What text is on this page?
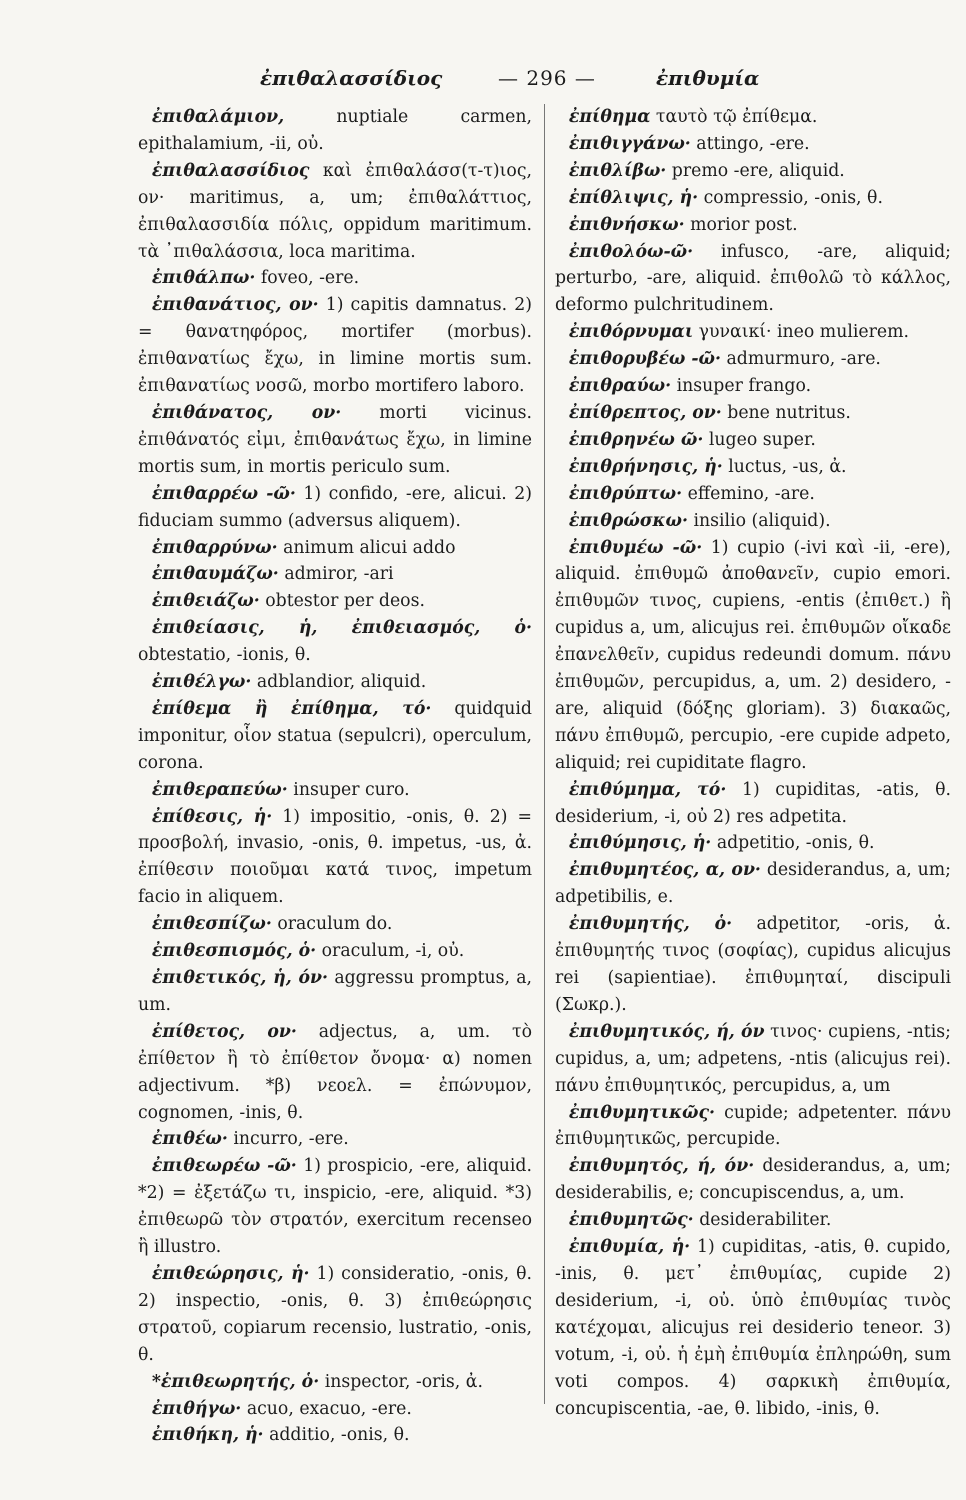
ἐπιθαλασσίδιος	— 296 —	ἐπιθυμία

ἐπιθαλάμιον, nuptiale carmen, epithalamium, -ii, οὐ.

ἐπιθαλασσίδιος καὶ ἐπιθαλάσσ(τ-τ)ιος, ον· maritimus, a, um; ἐπιθαλάττιος, ἐπιθαλασσιδία πόλις, oppidum maritimum. τὰ ᾽πιθαλάσσια, loca maritima.

ἐπιθάλπω· foveo, -ere.

ἐπιθανάτιος, ον· 1) capitis damnatus. 2) = θανατηφόρος, mortifer (morbus). ἐπιθανατίως ἔχω, in limine mortis sum. ἐπιθανατίως νοσῶ, morbo mortifero laboro.

ἐπιθάνατος, ον· morti vicinus. ἐπιθάνατός εἰμι, ἐπιθανάτως ἔχω, in limine mortis sum, in mortis periculo sum.

ἐπιθαρρέω -ῶ· 1) confido, -ere, alicui. 2) fiduciam summo (adversus aliquem).

ἐπιθαρρύνω· animum alicui addo

ἐπιθαυμάζω· admiror, -ari

ἐπιθειάζω· obtestor per deos.

ἐπιθείασις, ἡ, ἐπιθειασμός, ὁ· obtestatio, -ionis, θ.

ἐπιθέλγω· adblandior, aliquid.

ἐπίθεμα ἢ ἐπίθημα, τό· quidquid imponitur, οἷον statua (sepulcri), operculum, corona.

ἐπιθεραπεύω· insuper curo.

ἐπίθεσις, ἡ· 1) impositio, -onis, θ. 2) = προσβολή, invasio, -onis, θ. impetus, -us, ἀ. ἐπίθεσιν ποιοῦμαι κατά τινος, impetum facio in aliquem.

ἐπιθεσπίζω· oraculum do.

ἐπιθεσπισμός, ὁ· oraculum, -i, οὐ.

ἐπιθετικός, ἡ, όν· aggressu promptus, a, um.

ἐπίθετος, ον· adjectus, a, um. τὸ ἐπίθετον ἢ τὸ ἐπίθετον ὄνομα· α) nomen adjectivum. *β) νεοελ. = ἐπώνυμον, cognomen, -inis, θ.

ἐπιθέω· incurro, -ere.

ἐπιθεωρέω -ῶ· 1) prospicio, -ere, aliquid. *2) = ἐξετάζω τι, inspicio, -ere, aliquid. *3) ἐπιθεωρῶ τὸν στρατόν, exercitum recenseo ἢ illustro.

ἐπιθεώρησις, ἡ· 1) consideratio, -onis, θ. 2) inspectio, -onis, θ. 3) ἐπιθεώρησις στρατοῦ, copiarum recensio, lustratio, -onis, θ.

*ἐπιθεωρητής, ὁ· inspector, -oris, ἀ.

ἐπιθήγω· acuo, exacuo, -ere.

ἐπιθήκη, ἡ· additio, -onis, θ.

ἐπίθημα ταυτὸ τῷ ἐπίθεμα.

ἐπιθιγγάνω· attingo, -ere.

ἐπιθλίβω· premo -ere, aliquid.

ἐπίθλιψις, ἡ· compressio, -onis, θ.

ἐπιθνήσκω· morior post.

ἐπιθολόω-ῶ· infusco, -are, aliquid; perturbo, -are, aliquid. ἐπιθολῶ τὸ κάλλος, deformo pulchritudinem.

ἐπιθόρνυμαι γυναικί· ineo mulierem.

ἐπιθορυβέω -ῶ· admurmuro, -are.

ἐπιθραύω· insuper frango.

ἐπίθρεπτος, ον· bene nutritus.

ἐπιθρηνέω ῶ· lugeo super.

ἐπιθρήνησις, ἡ· luctus, -us, ἀ.

ἐπιθρύπτω· effemino, -are.

ἐπιθρώσκω· insilio (aliquid).

ἐπιθυμέω -ῶ· 1) cupio (-ivi καὶ -ii, -ere), aliquid. ἐπιθυμῶ ἀποθανεῖν, cupio emori. ἐπιθυμῶν τινος, cupiens, -entis (ἐπιθετ.) ἢ cupidus a, um, alicujus rei. ἐπιθυμῶν οἴκαδε ἐπανελθεῖν, cupidus redeundi domum. πάνυ ἐπιθυμῶν, percupidus, a, um. 2) desidero, -are, aliquid (δόξης gloriam). 3) διακαῶς, πάνυ ἐπιθυμῶ, percupio, -ere cupide adpeto, aliquid; rei cupiditate flagro.

ἐπιθύμημα, τό· 1) cupiditas, -atis, θ. desiderium, -i, οὐ 2) res adpetita.

ἐπιθύμησις, ἡ· adpetitio, -onis, θ.

ἐπιθυμητέος, α, ον· desiderandus, a, um; adpetibilis, e.

ἐπιθυμητής, ὁ· adpetitor, -oris, ἀ. ἐπιθυμητής τινος (σοφίας), cupidus alicujus rei (sapientiae). ἐπιθυμηταί, discipuli (Σωκρ.).

ἐπιθυμητικός, ή, όν τινος· cupiens, -ntis; cupidus, a, um; adpetens, -ntis (alicujus rei). πάνυ ἐπιθυμητικός, percupidus, a, um

ἐπιθυμητικῶς· cupide; adpetenter. πάνυ ἐπιθυμητικῶς, percupide.

ἐπιθυμητός, ή, όν· desiderandus, a, um; desiderabilis, e; concupiscendus, a, um.

ἐπιθυμητῶς· desiderabiliter.

ἐπιθυμία, ἡ· 1) cupiditas, -atis, θ. cupido, -inis, θ. μετ᾽ ἐπιθυμίας, cupide 2) desiderium, -i, οὐ. ὑπὸ ἐπιθυμίας τινὸς κατέχομαι, alicujus rei desiderio teneor. 3) votum, -i, οὐ. ἡ ἐμὴ ἐπιθυμία ἐπληρώθη, sum voti compos. 4) σαρκικὴ ἐπιθυμία, concupiscentia, -ae, θ. libido, -inis, θ.
